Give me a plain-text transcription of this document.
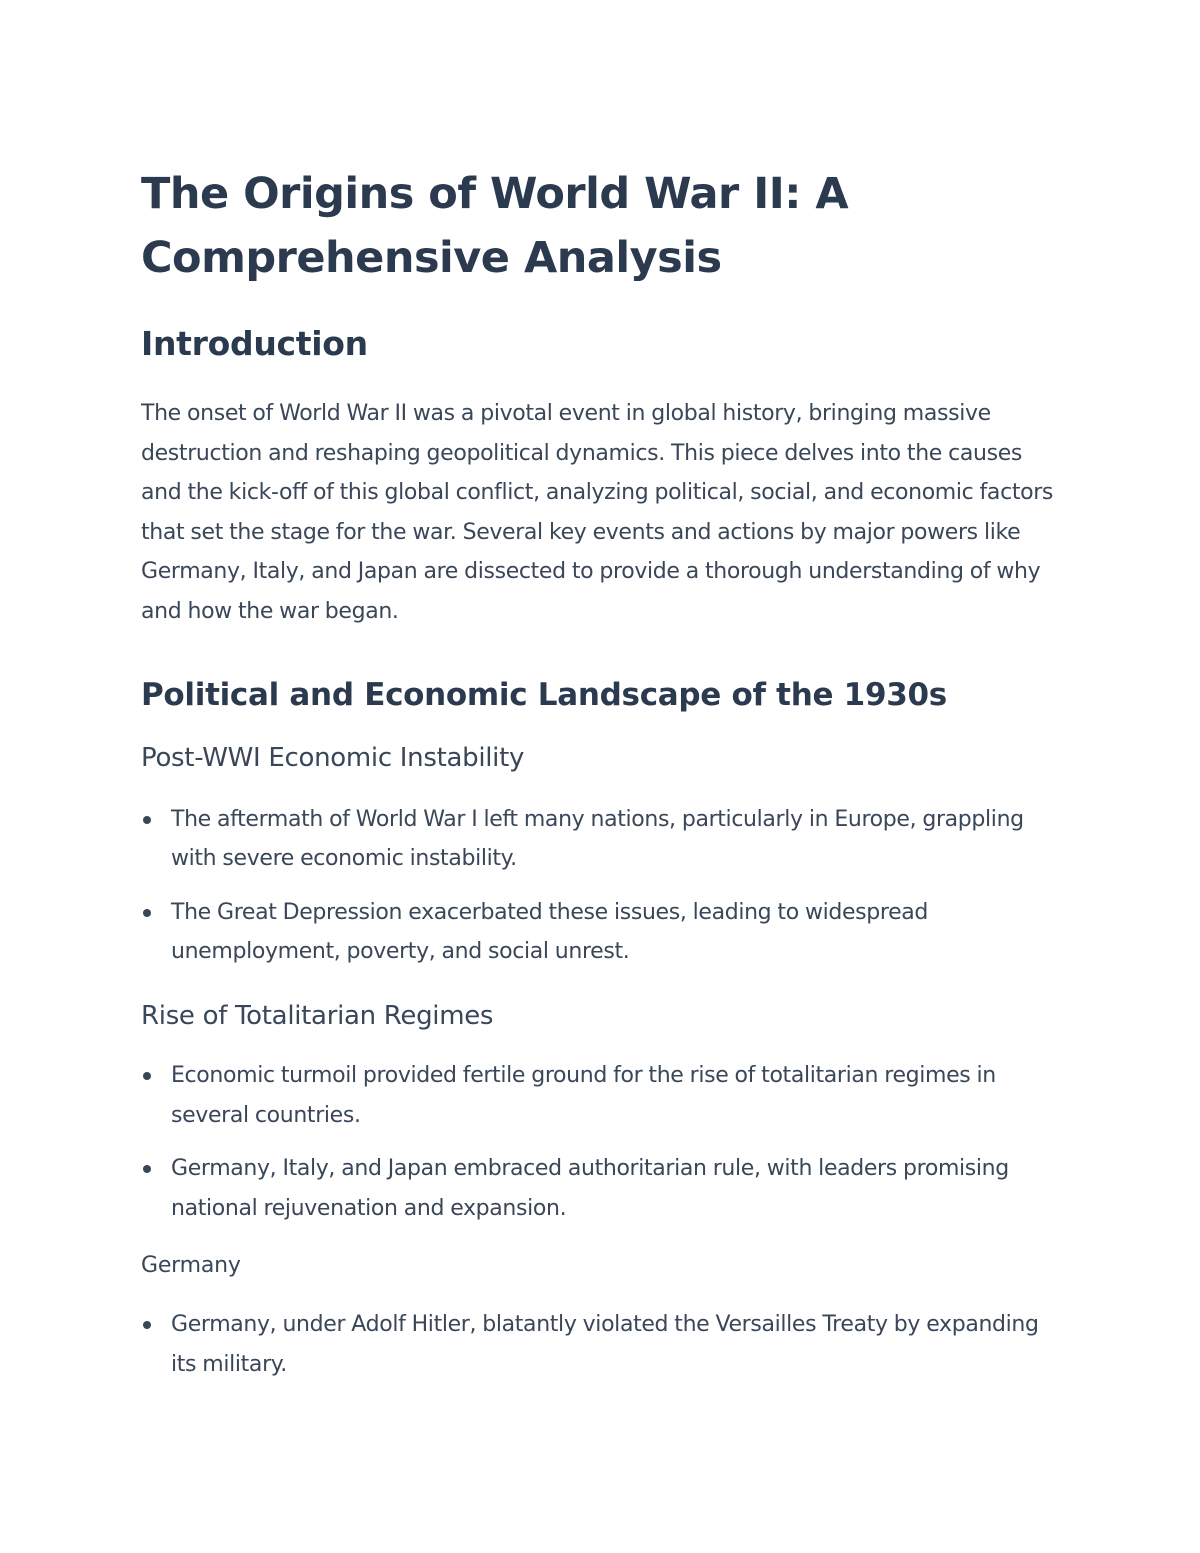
The Origins of World War II: A Comprehensive Analysis
Introduction

The onset of World War II was a pivotal event in global history, bringing massive destruction and reshaping geopolitical dynamics. This piece delves into the causes and the kick-off of this global conflict, analyzing political, social, and economic factors that set the stage for the war. Several key events and actions by major powers like Germany, Italy, and Japan are dissected to provide a thorough understanding of why and how the war began.

Political and Economic Landscape of the 1930s
Post-WWI Economic Instability
The aftermath of World War I left many nations, particularly in Europe, grappling with severe economic instability.
The Great Depression exacerbated these issues, leading to widespread unemployment, poverty, and social unrest.
Rise of Totalitarian Regimes
Economic turmoil provided fertile ground for the rise of totalitarian regimes in several countries.
Germany, Italy, and Japan embraced authoritarian rule, with leaders promising national rejuvenation and expansion.
Germany
Germany, under Adolf Hitler, blatantly violated the Versailles Treaty by expanding its military.
